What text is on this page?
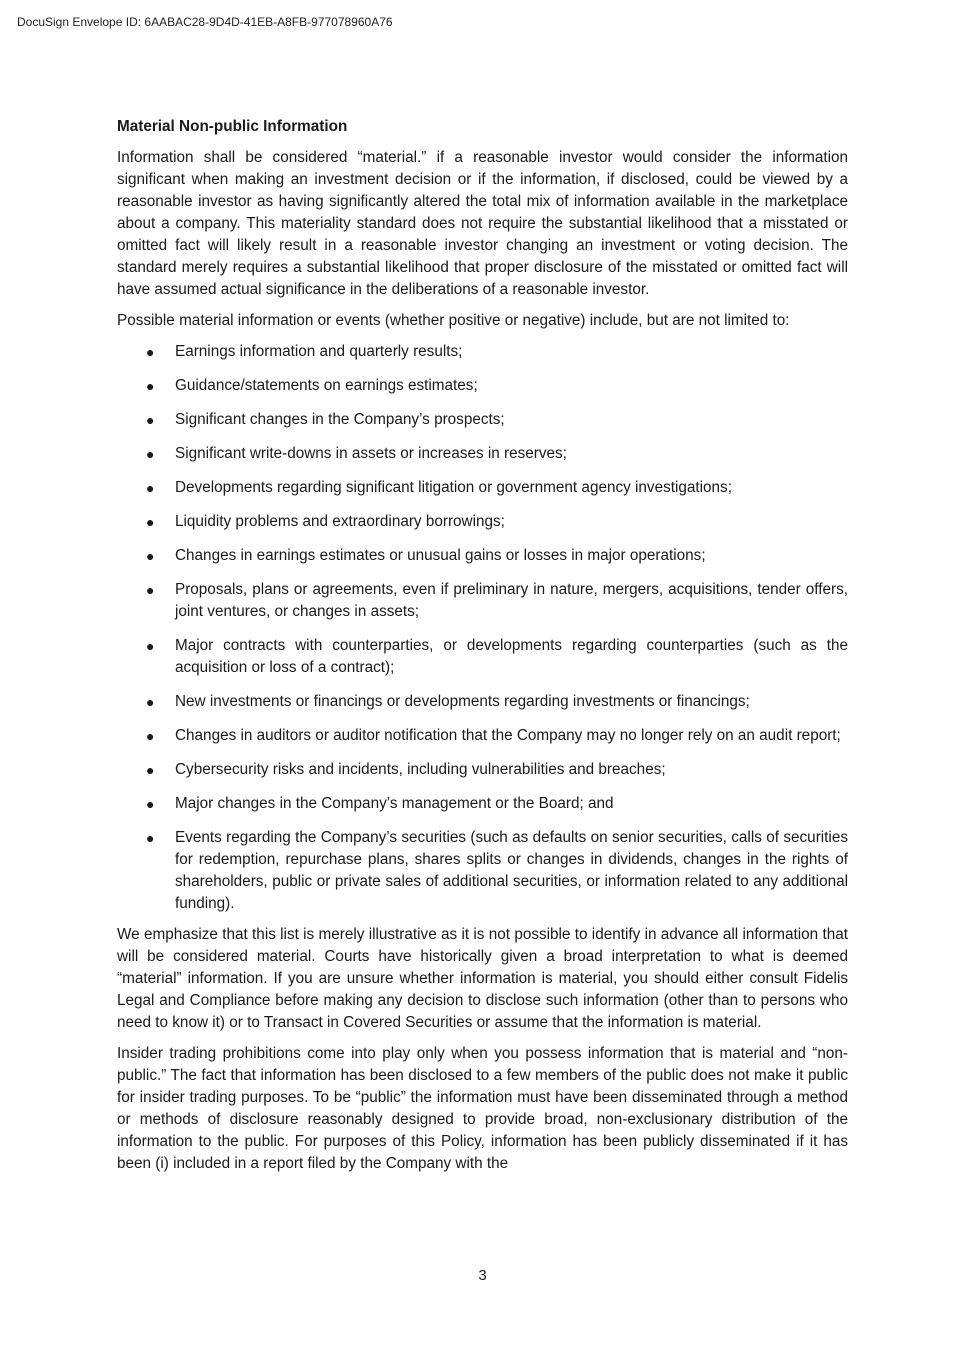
DocuSign Envelope ID: 6AABAC28-9D4D-41EB-A8FB-977078960A76
Material Non-public Information

Information shall be considered “material.” if a reasonable investor would consider the information significant when making an investment decision or if the information, if disclosed, could be viewed by a reasonable investor as having significantly altered the total mix of information available in the marketplace about a company. This materiality standard does not require the substantial likelihood that a misstated or omitted fact will likely result in a reasonable investor changing an investment or voting decision. The standard merely requires a substantial likelihood that proper disclosure of the misstated or omitted fact will have assumed actual significance in the deliberations of a reasonable investor.

Possible material information or events (whether positive or negative) include, but are not limited to:

● Earnings information and quarterly results;
● Guidance/statements on earnings estimates;
● Significant changes in the Company’s prospects;
● Significant write-downs in assets or increases in reserves;
● Developments regarding significant litigation or government agency investigations;
● Liquidity problems and extraordinary borrowings;
● Changes in earnings estimates or unusual gains or losses in major operations;
● Proposals, plans or agreements, even if preliminary in nature, mergers, acquisitions, tender offers, joint ventures, or changes in assets;
● Major contracts with counterparties, or developments regarding counterparties (such as the acquisition or loss of a contract);
● New investments or financings or developments regarding investments or financings;
● Changes in auditors or auditor notification that the Company may no longer rely on an audit report;
● Cybersecurity risks and incidents, including vulnerabilities and breaches;
● Major changes in the Company’s management or the Board; and
● Events regarding the Company’s securities (such as defaults on senior securities, calls of securities for redemption, repurchase plans, shares splits or changes in dividends, changes in the rights of shareholders, public or private sales of additional securities, or information related to any additional funding).

We emphasize that this list is merely illustrative as it is not possible to identify in advance all information that will be considered material. Courts have historically given a broad interpretation to what is deemed “material” information. If you are unsure whether information is material, you should either consult Fidelis Legal and Compliance before making any decision to disclose such information (other than to persons who need to know it) or to Transact in Covered Securities or assume that the information is material.

Insider trading prohibitions come into play only when you possess information that is material and “non-public.” The fact that information has been disclosed to a few members of the public does not make it public for insider trading purposes. To be “public” the information must have been disseminated through a method or methods of disclosure reasonably designed to provide broad, non-exclusionary distribution of the information to the public. For purposes of this Policy, information has been publicly disseminated if it has been (i) included in a report filed by the Company with the

3
